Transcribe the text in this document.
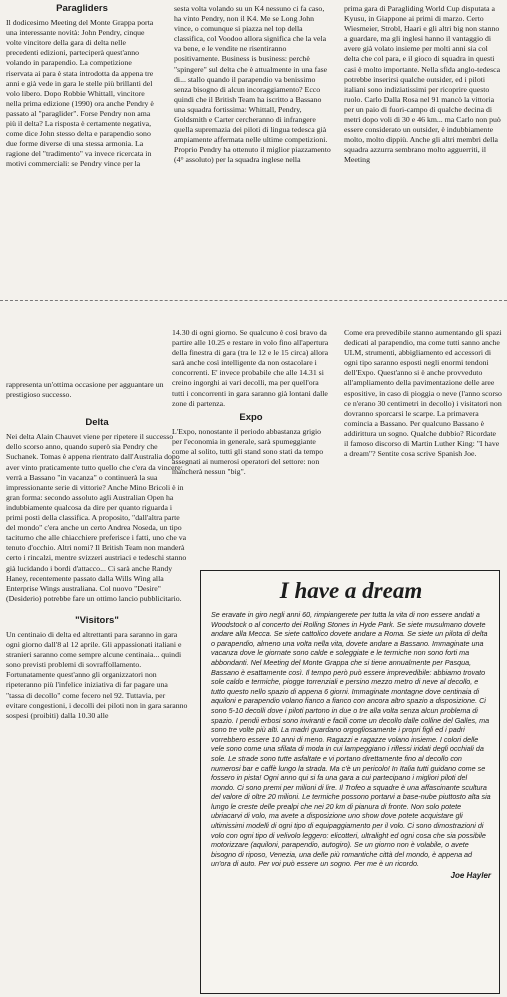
Paragliders

Il dodicesimo Meeting del Monte Grappa porta una interessante novità: John Pendry, cinque volte vincitore della gara di delta nelle precedenti edizioni, parteciperà quest'anno volando in parapendio. La competizione riservata ai para è stata introdotta da appena tre anni e già vede in gara le stelle più brillanti del volo libero. Dopo Robbie Whittall, vincitore nella prima edizione (1990) ora anche Pendry è passato al "paraglider". Forse Pendry non ama più il delta? La risposta è certamente negativa, come dice John stesso delta e parapendio sono due forme diverse di una stessa armonia. La ragione del "tradimento" va invece ricercata in motivi commerciali: se Pendry vince per la

sesta volta volando su un K4 nessuno ci fa caso, ha vinto Pendry, non il K4. Me se Long John vince, o comunque si piazza nel top della classifica, col Voodoo allora significa che la vela va bene, e le vendite ne risentiranno positivamente. Business is business: perchè "spingere" sul delta che è attualmente in una fase di... stallo quando il parapendio va benissimo senza bisogno di alcun incoraggiamento? Ecco quindi che il British Team ha iscritto a Bassano una squadra fortissima: Whittall, Pendry, Goldsmith e Carter cercheranno di infrangere quella supremazia dei piloti di lingua tedesca già ampiamente affermata nelle ultime competizioni. Proprio Pendry ha ottenuto il miglior piazzamento (4° assoluto) per la squadra inglese nella

prima gara di Paragliding World Cup disputata a Kyusu, in Giappone ai primi di marzo. Certo Wiesmeier, Strobl, Haari e gli altri big non stanno a guardare, ma gli inglesi hanno il vantaggio di avere già volato insieme per molti anni sia col delta che col para, e il gioco di squadra in questi casi è molto importante. Nella sfida anglo-tedesca potrebbe inserirsi qualche outsider, ed i piloti italiani sono indiziatissimi per ricoprire questo ruolo. Carlo Dalla Rosa nel 91 mancò la vittoria per un paio di fuori-campo di qualche decina di metri dopo voli di 30 e 46 km... ma Carlo non può essere considerato un outsider, è indubbiamente molto, molto dippiù. Anche gli altri membri della squadra azzurra sembrano molto agguerriti, il Meeting

rappresenta un'ottima occasione per agguantare un prestigioso successo.

Delta

Nei delta Alain Chauvet viene per ripetere il successo dello scorso anno, quando superò sia Pendry che Suchanek. Tomas è appena rientrato dall'Australia dopo aver vinto praticamente tutto quello che c'era da vincere: verrà a Bassano "in vacanza" o continuerà la sua impressionante serie di vittorie? Anche Mino Bricoli è in gran forma: secondo assoluto agli Australian Open ha indubbiamente qualcosa da dire per quanto riguarda i primi posti della classifica. A proposito, "dall'altra parte del mondo" c'era anche un certo Andrea Noseda, un tipo taciturno che alle chiacchiere preferisce i fatti, uno che va tenuto d'occhio. Altri nomi? Il British Team non manderà certo i rincalzi, mentre svizzeri austriaci e tedeschi stanno già lucidando i bordi d'attacco... Ci sarà anche Randy Haney, recentemente passato dalla Wills Wing alla Enterprise Wings australiana. Col nuovo "Desire" (Desiderio) potrebbe fare un ottimo lancio pubblicitario.

"Visitors"

Un centinaio di delta ed altrettanti para saranno in gara ogni giorno dall'8 al 12 aprile. Gli appassionati italiani e stranieri saranno come sempre alcune centinaia... quindi sono previsti problemi di sovraffollamento. Fortunatamente quest'anno gli organizzatori non ripeteranno più l'infelice iniziativa di far pagare una "tassa di decollo" come fecero nel 92. Tuttavia, per evitare congestioni, i decolli dei piloti non in gara saranno sospesi (proibiti) dalla 10.30 alle

14.30 di ogni giorno. Se qualcuno è così bravo da partire alle 10.25 e restare in volo fino all'apertura della finestra di gara (tra le 12 e le 15 circa) allora sarà anche così intelligente da non ostacolare i concorrenti. E' invece probabile che alle 14.31 si creino ingorghi ai vari decolli, ma per quell'ora tutti i concorrenti in gara saranno già lontani dalle zone di partenza.

Expo

L'Expo, nonostante il periodo abbastanza grigio per l'economia in generale, sarà spumeggiante come al solito, tutti gli stand sono stati da tempo assegnati ai numerosi operatori del settore: non mancherà nessun "big".

Come era prevedibile stanno aumentando gli spazi dedicati al parapendio, ma come tutti sanno anche ULM, strumenti, abbigliamento ed accessori di ogni tipo saranno esposti negli enormi tendoni dell'Expo. Quest'anno si è anche provveduto all'ampliamento della pavimentazione delle aree espositive, in caso di pioggia o neve (l'anno scorso ce n'erano 30 centimetri in decollo) i visitatori non dovranno sporcarsi le scarpe. La primavera comincia a Bassano. Per qualcuno Bassano è addirittura un sogno. Qualche dubbio? Ricordate il famoso discorso di Martin Luther King: "I have a dream"? Sentite cosa scrive Spanish Joe.

I have a dream

Se eravate in giro negli anni 60, rimpiangerete per tutta la vita di non essere andati a Woodstock o al concerto dei Rolling Stones in Hyde Park. Se siete musulmano dovete andare alla Mecca. Se siete cattolico dovete andare a Roma. Se siete un pilota di delta o parapendio, almeno una volta nella vita, dovete andare a Bassano. Immaginate una vacanza dove le giornate sono calde e soleggiate e le termiche non sono forti ma abbondanti. Nel Meeting del Monte Grappa che si tiene annualmente per Pasqua, Bassano è esattamente così. Il tempo però può essere imprevedibile: abbiamo trovato sole caldo e termiche, piogge torrenziali e persino mezzo metro di neve al decollo, e tutto questo nello spazio di appena 6 giorni. Immaginate montagne dove centinaia di aquiloni e parapendio volano fianco a fianco con ancora altro spazio a disposizione. Ci sono 5-10 decolli dove i piloti partono in due o tre alla volta senza alcun problema di spazio. I pendii erbosi sono inviranti e facili come un decollo dalle colline del Galles, ma sono tre volte più alti. La madri guardano orgogliosamente i propri figli ed i padri vorrebbero essere 10 anni di meno. Ragazzi e ragazze volano insieme. I colori delle vele sono come una sfilata di moda in cui lampeggiano i riflessi iridati degli occhiali da sole. Le strade sono tutte asfaltate e vi portano direttamente fino al decollo con numerosi bar e caffè lungo la strada. Ma c'è un pericolo! In Italia tutti guidano come se fossero in pista! Ogni anno qui si fa una gara a cui partecipano i migliori piloti del mondo. Ci sono premi per milioni di lire. Il Trofeo a squadre è una affascinante scultura del valore di oltre 20 milioni. Le termiche possono portarvi a base-nube piuttosto alta sia lungo le creste delle prealpi che nei 20 km di pianura di fronte. Non solo potete ubriacarvi di volo, ma avete a disposizione uno show dove potete acquistare gli ultimissimi modelli di ogni tipo di equipaggiamento per il volo. Ci sono dimostrazioni di volo con ogni tipo di velivolo leggero: elicotteri, ultralight ed ogni cosa che sia possibile motorizzare (aquiloni, parapendio, autogiro). Se un giorno non è volabile, o avete bisogno di riposo, Venezia, una delle più romantiche città del mondo, è appena ad un'ora di auto. Per voi può essere un sogno. Per me è un ricordo.

Joe Hayler
